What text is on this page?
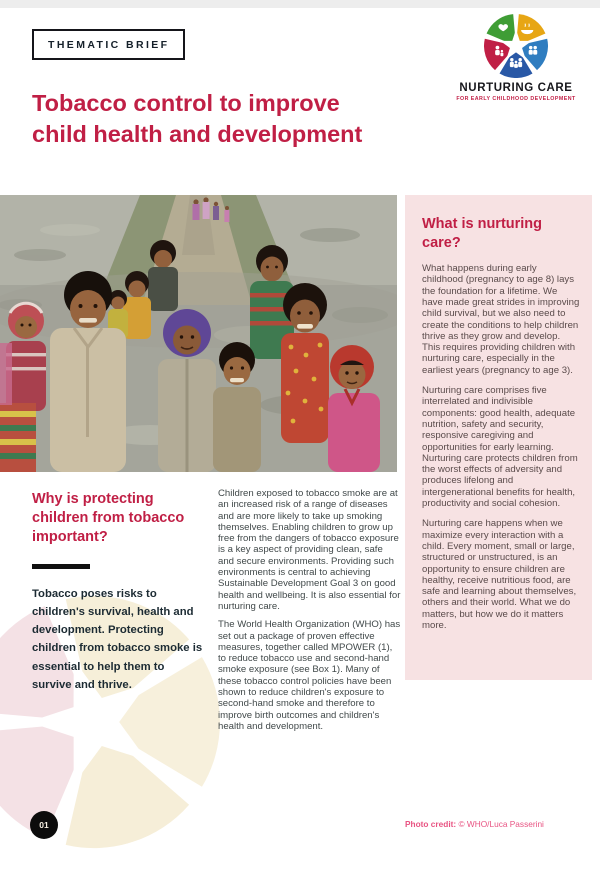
THEMATIC BRIEF
NURTURING CARE
FOR EARLY CHILDHOOD DEVELOPMENT
Tobacco control to improve child health and development
What is nurturing care?

What happens during early childhood (pregnancy to age 8) lays the foundation for a lifetime. We have made great strides in improving child survival, but we also need to create the conditions to help children thrive as they grow and develop. This requires providing children with nurturing care, especially in the earliest years (pregnancy to age 3).

Nurturing care comprises five interrelated and indivisible components: good health, adequate nutrition, safety and security, responsive caregiving and opportunities for early learning. Nurturing care protects children from the worst effects of adversity and produces lifelong and intergenerational benefits for health, productivity and social cohesion.

Nurturing care happens when we maximize every interaction with a child. Every moment, small or large, structured or unstructured, is an opportunity to ensure children are healthy, receive nutritious food, are safe and learning about themselves, others and their world. What we do matters, but how we do it matters more.

Why is protecting children from tobacco important?

Tobacco poses risks to children's survival, health and development. Protecting children from tobacco smoke is essential to help them to survive and thrive.

Children exposed to tobacco smoke are at an increased risk of a range of diseases and are more likely to take up smoking themselves. Enabling children to grow up free from the dangers of tobacco exposure is a key aspect of providing clean, safe and secure environments. Providing such environments is central to achieving Sustainable Development Goal 3 on good health and wellbeing. It is also essential for nurturing care.

The World Health Organization (WHO) has set out a package of proven effective measures, together called MPOWER (1), to reduce tobacco use and second-hand smoke exposure (see Box 1). Many of these tobacco control policies have been shown to reduce children's exposure to second-hand smoke and therefore to improve birth outcomes and children's health and development.

01	Photo credit: © WHO/Luca Passerini
